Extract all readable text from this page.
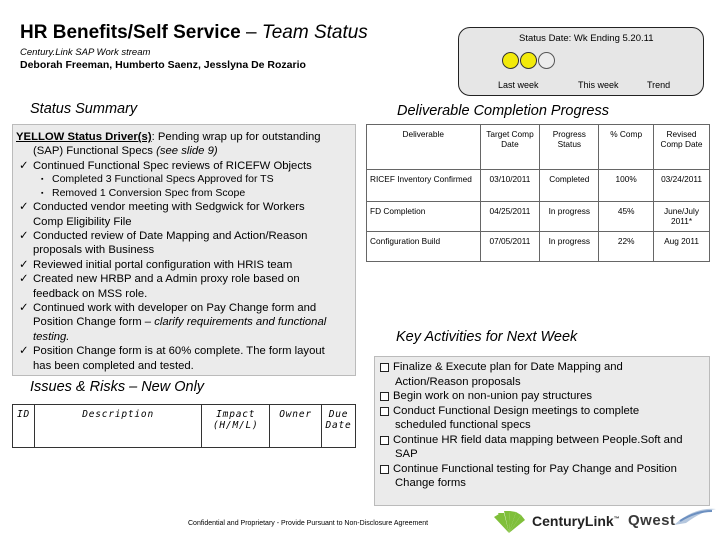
HR Benefits/Self Service – Team Status
Century.Link SAP Work stream
Deborah Freeman, Humberto Saenz, Jesslyna De Rozario
Status Date: Wk Ending 5.20.11
Last week	This week	Trend
Status Summary
YELLOW Status Driver(s): Pending wrap up for outstanding
(SAP) Functional Specs (see slide 9)
✓ Continued Functional Spec reviews of RICEFW Objects
▪ Completed 3 Functional Specs Approved for TS
▪ Removed 1 Conversion Spec from Scope
✓ Conducted vendor meeting with Sedgwick for Workers
Comp Eligibility File
✓ Conducted review of Date Mapping and Action/Reason
proposals with Business
✓ Reviewed initial portal configuration with HRIS team
✓ Created new HRBP and a Admin proxy role based on
feedback on MSS role.
✓ Continued work with developer on Pay Change form and
Position Change form – clarify requirements and functional
testing.
✓ Position Change form is at 60% complete. The form layout
has been completed and tested.
Issues & Risks – New Only
ID	Description	Impact (H/M/L)	Owner	Due Date
Deliverable Completion Progress
Deliverable	Target Comp Date	Progress Status	% Comp	Revised Comp Date
RICEF Inventory Confirmed	03/10/2011	Completed	100%	03/24/2011
FD Completion	04/25/2011	In progress	45%	June/July 2011*
Configuration Build	07/05/2011	In progress	22%	Aug 2011
Key Activities for Next Week
Finalize & Execute plan for Date Mapping and
Action/Reason proposals
Begin work on non-union pay structures
Conduct Functional Design meetings to complete
scheduled functional specs
Continue HR field data mapping between People.Soft and
SAP
Continue Functional testing for Pay Change and Position
Change forms
Confidential and Proprietary - Provide Pursuant to Non-Disclosure Agreement	CenturyLink™ Qwest
